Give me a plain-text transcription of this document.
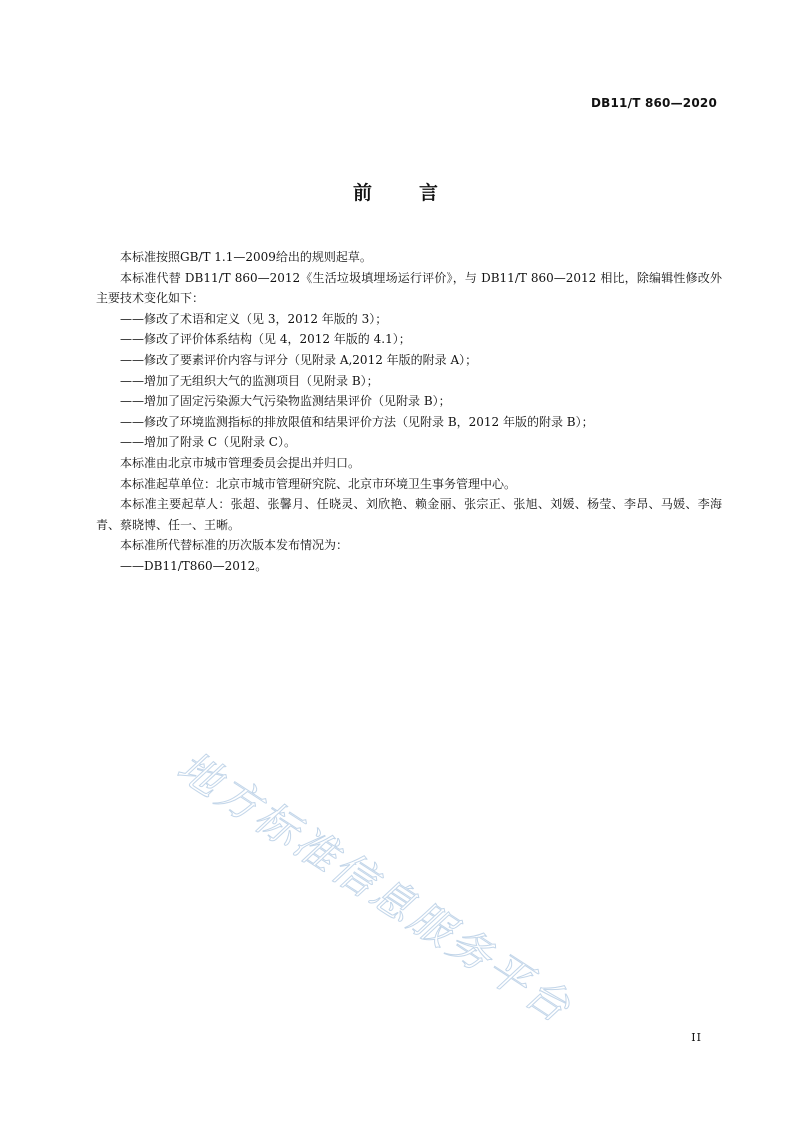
DB11/T 860—2020
前 言

本标准按照GB/T 1.1—2009给出的规则起草。

本标准代替 DB11/T 860—2012《生活垃圾填埋场运行评价》，与 DB11/T 860—2012 相比，除编辑性修改外主要技术变化如下：

——修改了术语和定义（见 3，2012 年版的 3）；

——修改了评价体系结构（见 4，2012 年版的 4.1）；

——修改了要素评价内容与评分（见附录 A,2012 年版的附录 A）；

——增加了无组织大气的监测项目（见附录 B）；

——增加了固定污染源大气污染物监测结果评价（见附录 B）；

——修改了环境监测指标的排放限值和结果评价方法（见附录 B，2012 年版的附录 B）；

——增加了附录 C（见附录 C）。

本标准由北京市城市管理委员会提出并归口。

本标准起草单位：北京市城市管理研究院、北京市环境卫生事务管理中心。

本标准主要起草人：张超、张馨月、任晓灵、刘欣艳、赖金丽、张宗正、张旭、刘媛、杨莹、李昂、马媛、李海青、蔡晓博、任一、王晰。

本标准所代替标准的历次版本发布情况为：

——DB11/T860—2012。

地方标准信息服务平台
II
